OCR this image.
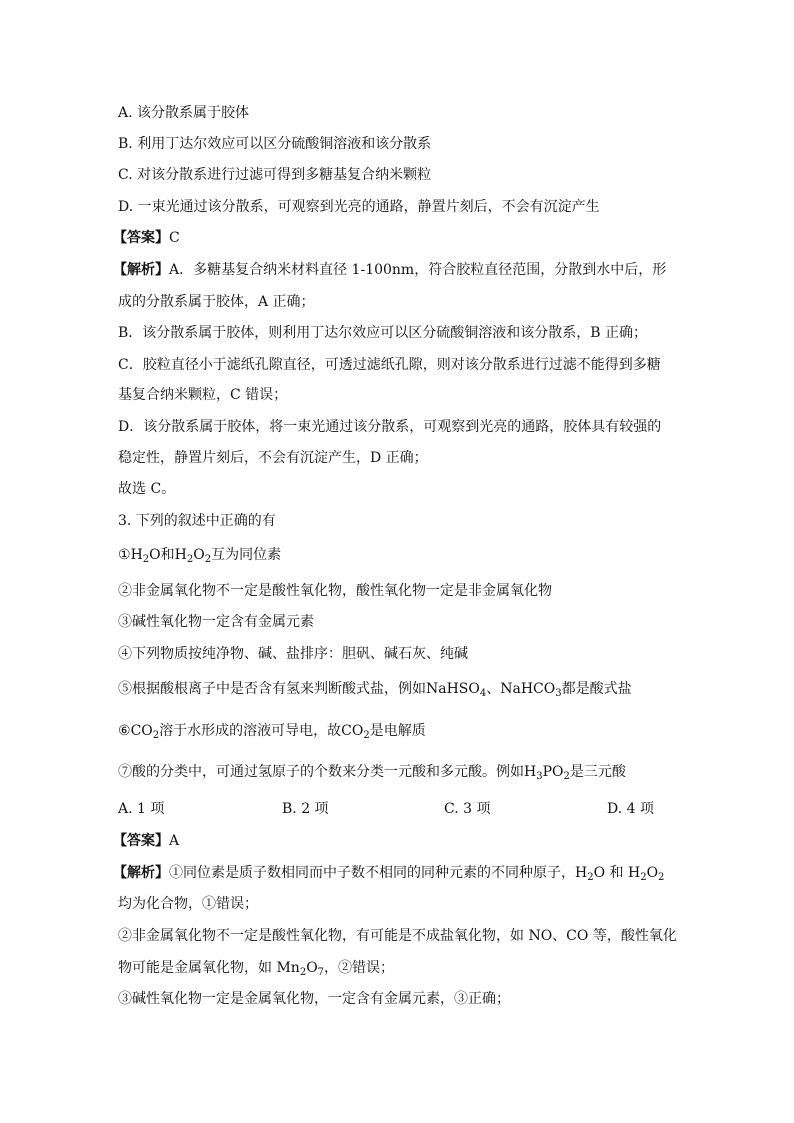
A. 该分散系属于胶体
B. 利用丁达尔效应可以区分硫酸铜溶液和该分散系
C. 对该分散系进行过滤可得到多糖基复合纳米颗粒
D. 一束光通过该分散系，可观察到光亮的通路，静置片刻后，不会有沉淀产生
【答案】C
【解析】A．多糖基复合纳米材料直径 1-100nm，符合胶粒直径范围，分散到水中后，形
成的分散系属于胶体，A 正确；
B．该分散系属于胶体，则利用丁达尔效应可以区分硫酸铜溶液和该分散系，B 正确；
C．胶粒直径小于滤纸孔隙直径，可透过滤纸孔隙，则对该分散系进行过滤不能得到多糖
基复合纳米颗粒，C 错误；
D．该分散系属于胶体，将一束光通过该分散系，可观察到光亮的通路，胶体具有较强的
稳定性，静置片刻后，不会有沉淀产生，D 正确；
故选 C。
3. 下列的叙述中正确的有
$①H_2O$和$H_2O_2$互为同位素
②非金属氧化物不一定是酸性氧化物，酸性氧化物一定是非金属氧化物
③碱性氧化物一定含有金属元素
④下列物质按纯净物、碱、盐排序：胆矾、碱石灰、纯碱
⑤根据酸根离子中是否含有氢来判断酸式盐，例如NaHSO$_4$、NaHCO$_3$都是酸式盐
$⑥CO_2$溶于水形成的溶液可导电，故$CO_2$是电解质
⑦酸的分类中，可通过氢原子的个数来分类一元酸和多元酸。例如$H_3PO_2$是三元酸
A. 1 项	B. 2 项	C. 3 项	D. 4 项
【答案】A
【解析】①同位素是质子数相同而中子数不相同的同种元素的不同种原子，$H_2O$ 和 $H_2O_2$
均为化合物，①错误；
②非金属氧化物不一定是酸性氧化物，有可能是不成盐氧化物，如 NO、CO 等，酸性氧化
物可能是金属氧化物，如 $Mn_2O_7$，②错误；
③碱性氧化物一定是金属氧化物，一定含有金属元素，③正确；
